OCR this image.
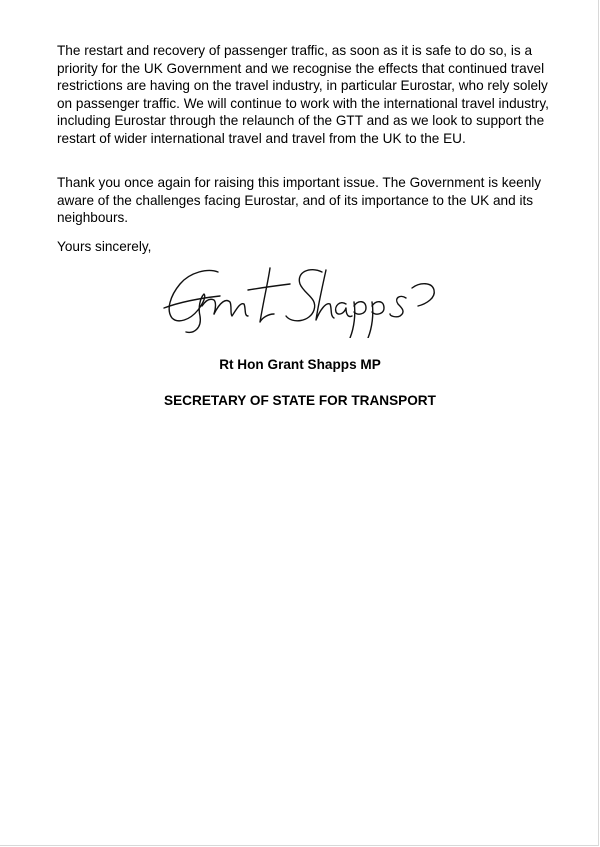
The restart and recovery of passenger traffic, as soon as it is safe to do so, is a priority for the UK Government and we recognise the effects that continued travel restrictions are having on the travel industry, in particular Eurostar, who rely solely on passenger traffic. We will continue to work with the international travel industry, including Eurostar through the relaunch of the GTT and as we look to support the restart of wider international travel and travel from the UK to the EU.

Thank you once again for raising this important issue. The Government is keenly aware of the challenges facing Eurostar, and of its importance to the UK and its neighbours.

Yours sincerely,

Rt Hon Grant Shapps MP

SECRETARY OF STATE FOR TRANSPORT
